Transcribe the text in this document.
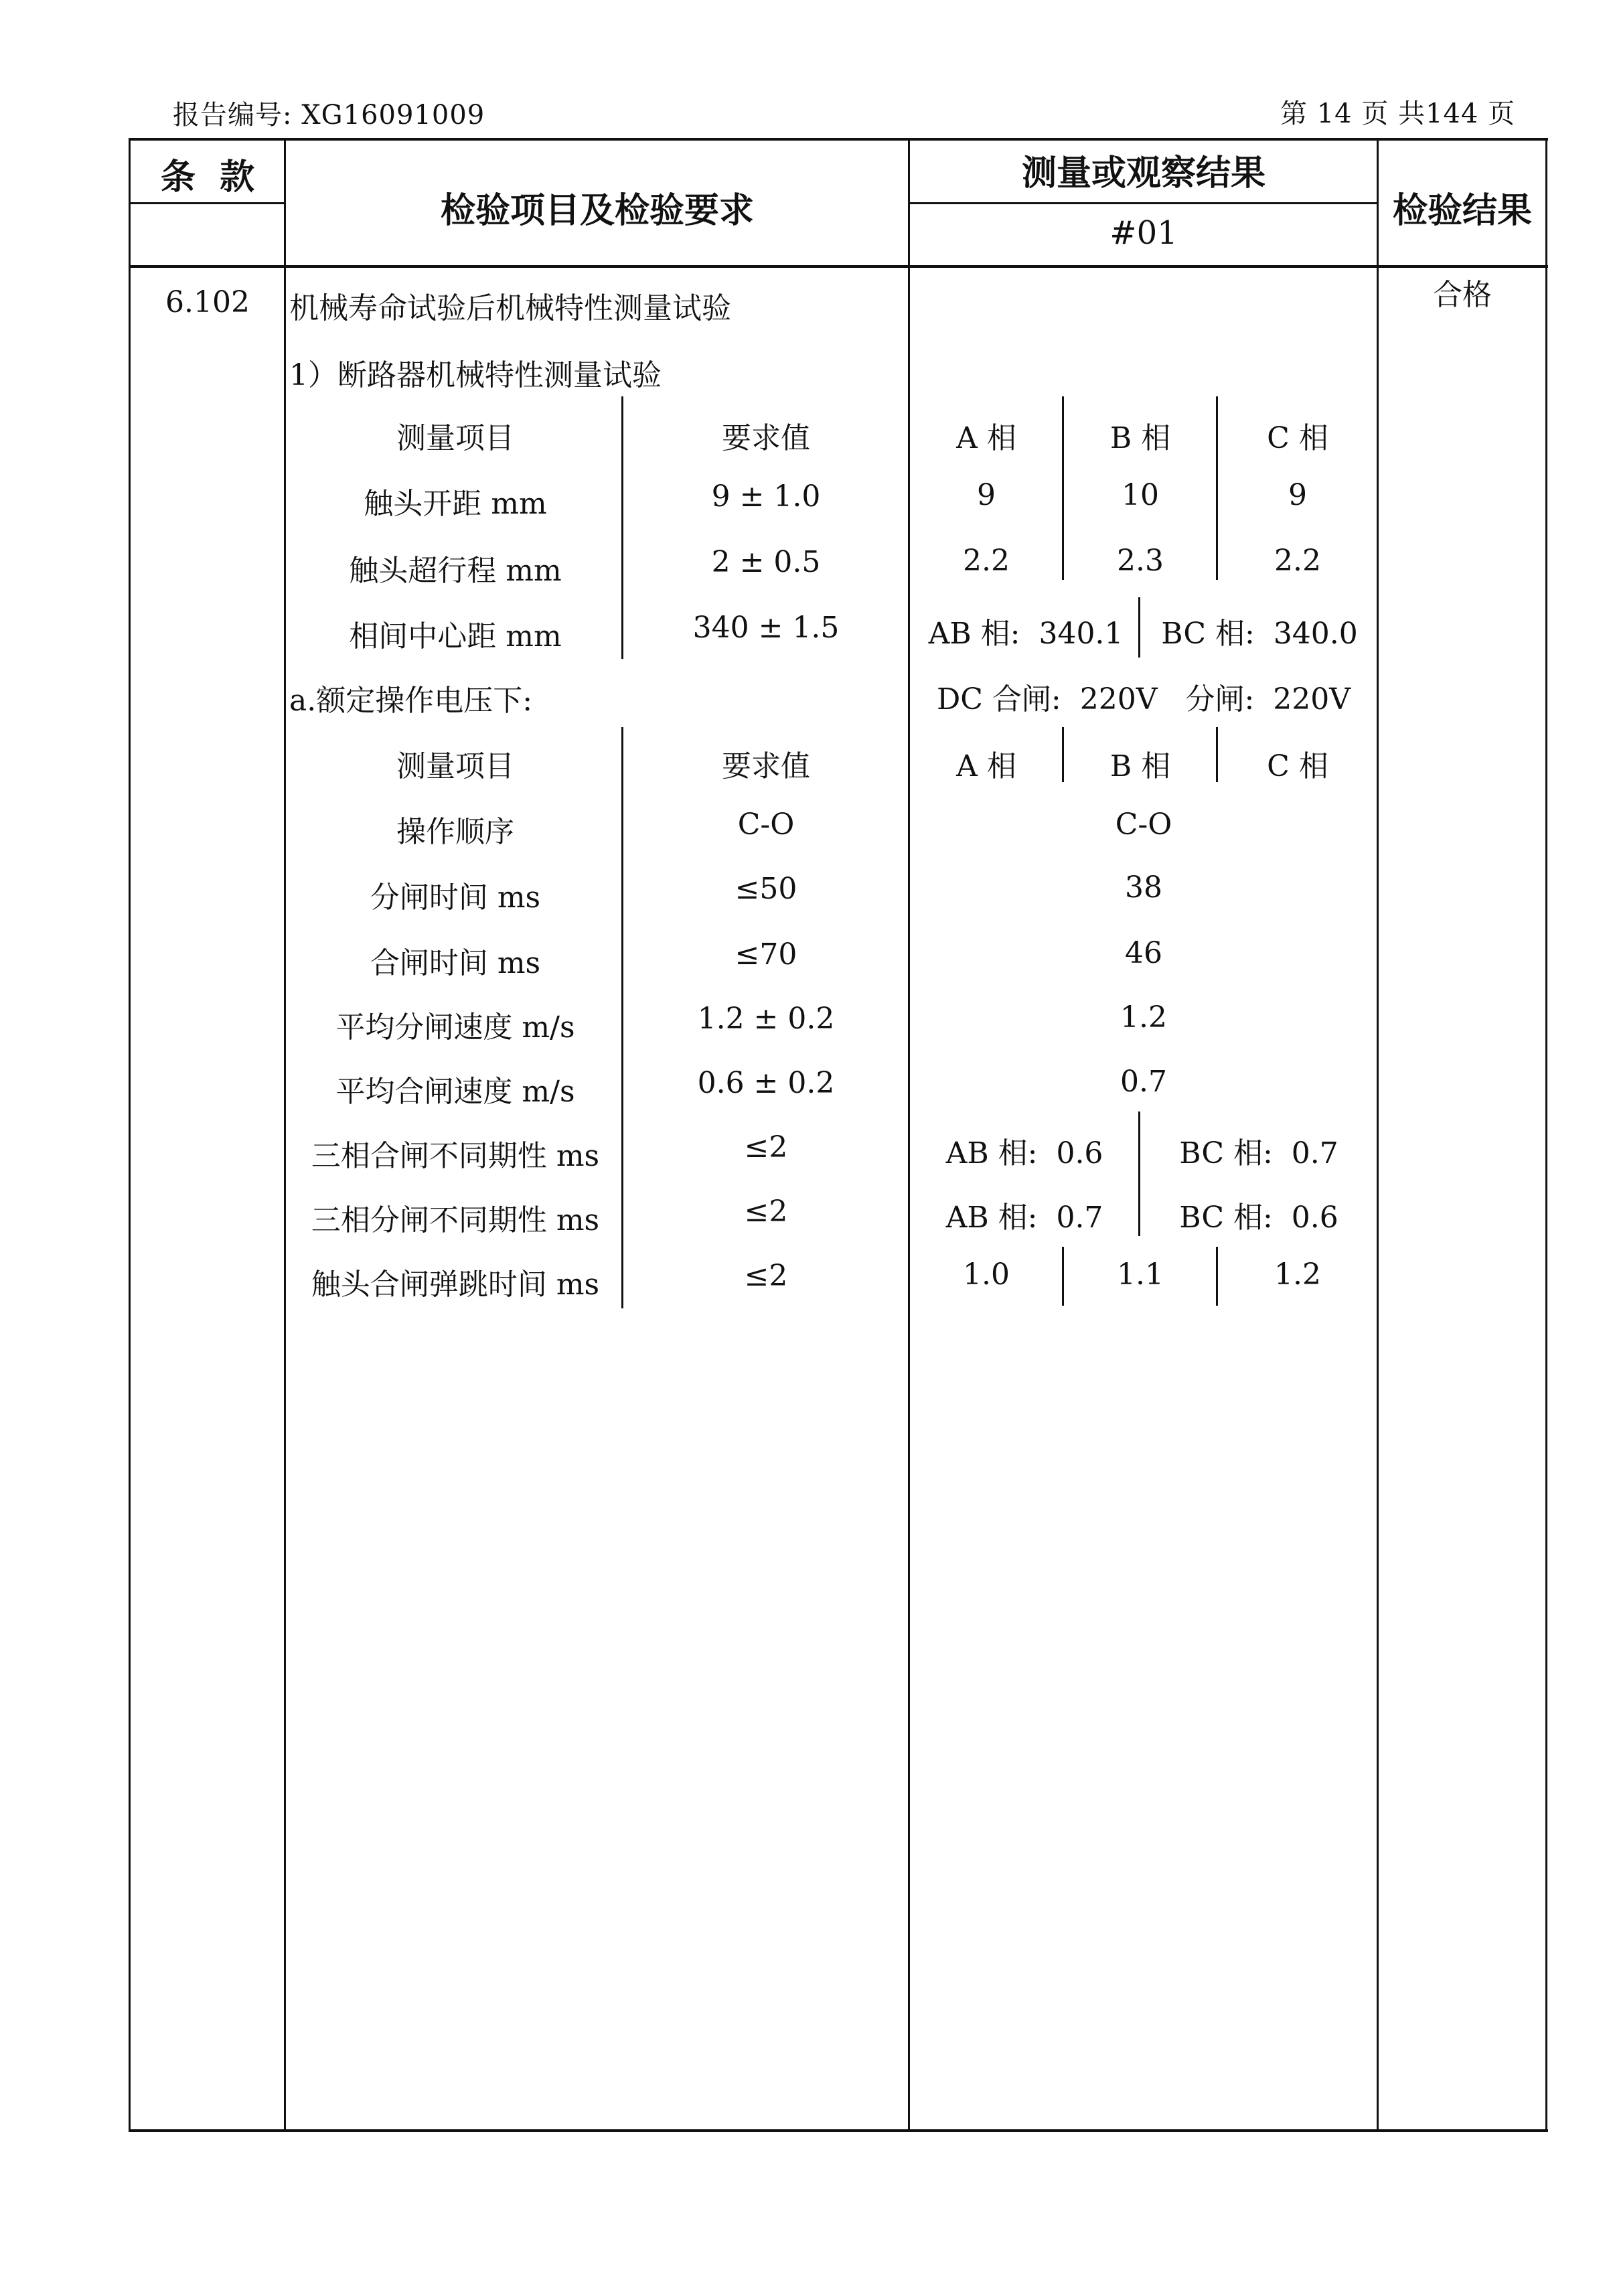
报告编号: XG16091009	第 14 页 共144 页
条  款
检验项目及检验要求
测量或观察结果
#01
检验结果
6.102	机械寿命试验后机械特性测量试验
1）断路器机械特性测量试验
合格
测量项目	要求值	A 相	B 相	C 相
触头开距 mm	9 ± 1.0	9	10	9
触头超行程 mm	2 ± 0.5	2.2	2.3	2.2
相间中心距 mm	340 ± 1.5	AB 相:  340.1	BC 相:  340.0
a.额定操作电压下:	DC 合闸:  220V   分闸:  220V
测量项目	要求值	A 相	B 相	C 相
操作顺序	C-O	C-O
分闸时间 ms	≤50	38
合闸时间 ms	≤70	46
平均分闸速度 m/s	1.2 ± 0.2	1.2
平均合闸速度 m/s	0.6 ± 0.2	0.7
三相合闸不同期性 ms	≤2	AB 相:  0.6	BC 相:  0.7
三相分闸不同期性 ms	≤2	AB 相:  0.7	BC 相:  0.6
触头合闸弹跳时间 ms	≤2	1.0	1.1	1.2
